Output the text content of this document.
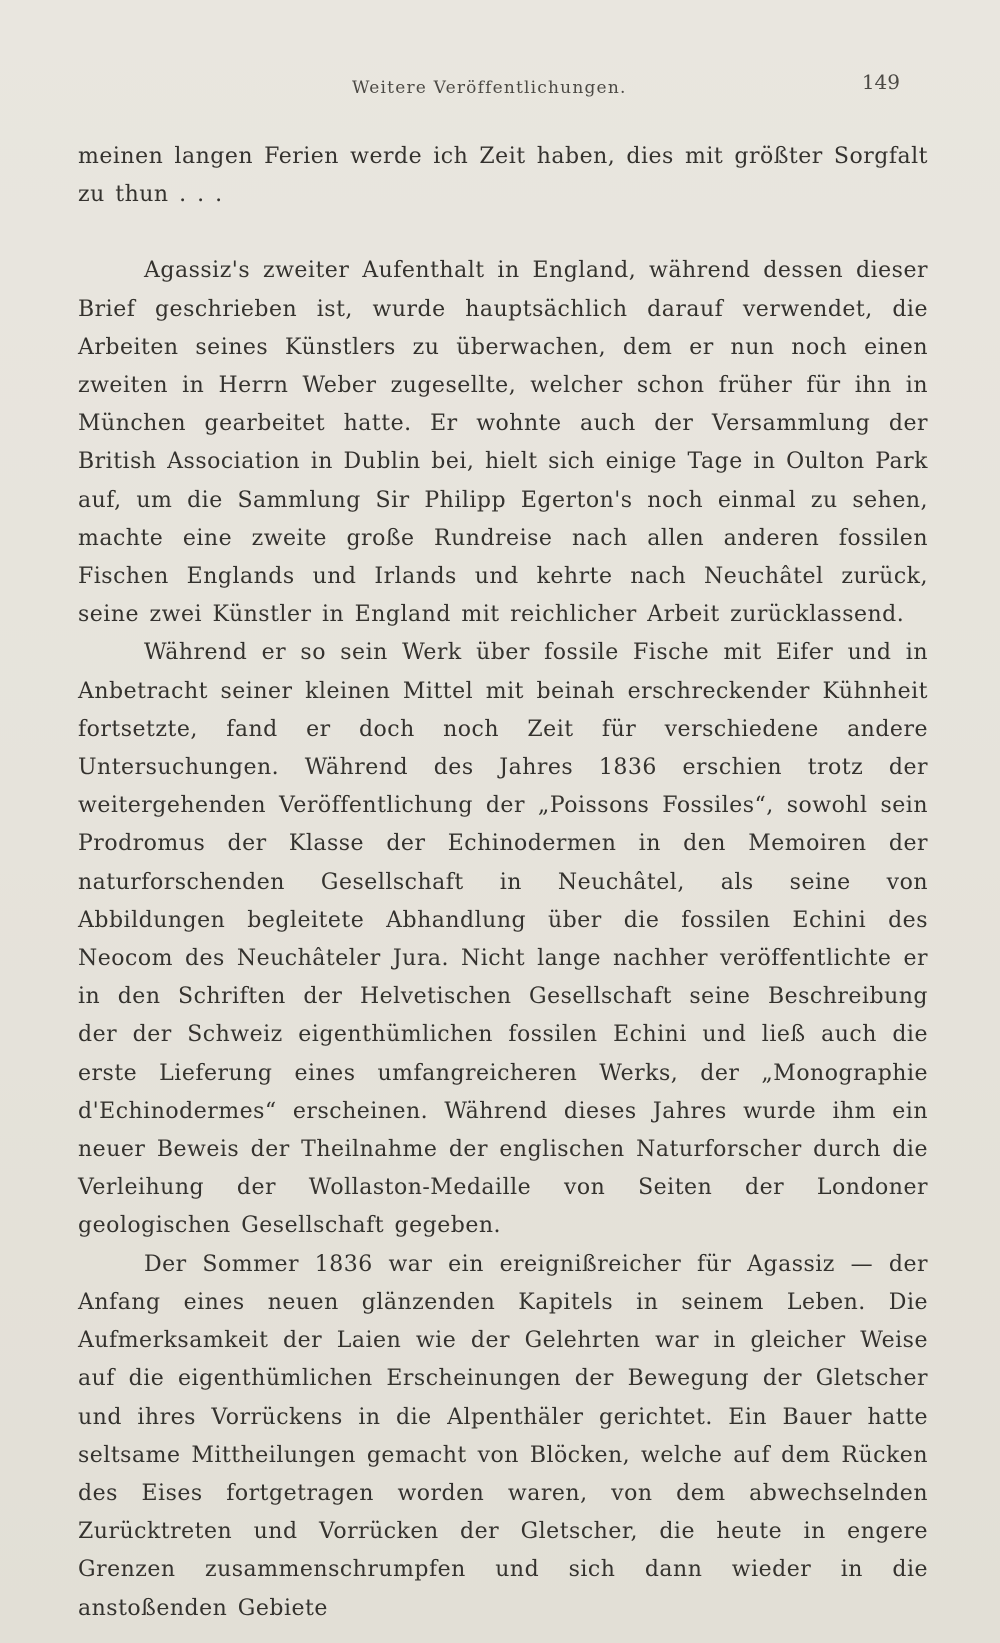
Weitere Veröffentlichungen.	149

meinen langen Ferien werde ich Zeit haben, dies mit größter Sorgfalt zu thun . . .

Agassiz's zweiter Aufenthalt in England, während dessen dieser Brief geschrieben ist, wurde hauptsächlich darauf verwendet, die Arbeiten seines Künstlers zu überwachen, dem er nun noch einen zweiten in Herrn Weber zugesellte, welcher schon früher für ihn in München gearbeitet hatte. Er wohnte auch der Versammlung der British Association in Dublin bei, hielt sich einige Tage in Oulton Park auf, um die Sammlung Sir Philipp Egerton's noch einmal zu sehen, machte eine zweite große Rundreise nach allen anderen fossilen Fischen Englands und Irlands und kehrte nach Neuchâtel zurück, seine zwei Künstler in England mit reichlicher Arbeit zurücklassend.

Während er so sein Werk über fossile Fische mit Eifer und in Anbetracht seiner kleinen Mittel mit beinah erschreckender Kühnheit fortsetzte, fand er doch noch Zeit für verschiedene andere Untersuchungen. Während des Jahres 1836 erschien trotz der weitergehenden Veröffentlichung der „Poissons Fossiles“, sowohl sein Prodromus der Klasse der Echinodermen in den Memoiren der naturforschenden Gesellschaft in Neuchâtel, als seine von Abbildungen begleitete Abhandlung über die fossilen Echini des Neocom des Neuchâteler Jura. Nicht lange nachher veröffentlichte er in den Schriften der Helvetischen Gesellschaft seine Beschreibung der der Schweiz eigenthümlichen fossilen Echini und ließ auch die erste Lieferung eines umfangreicheren Werks, der „Monographie d'Echinodermes“ erscheinen. Während dieses Jahres wurde ihm ein neuer Beweis der Theilnahme der englischen Naturforscher durch die Verleihung der Wollaston-Medaille von Seiten der Londoner geologischen Gesellschaft gegeben.

Der Sommer 1836 war ein ereignißreicher für Agassiz — der Anfang eines neuen glänzenden Kapitels in seinem Leben. Die Aufmerksamkeit der Laien wie der Gelehrten war in gleicher Weise auf die eigenthümlichen Erscheinungen der Bewegung der Gletscher und ihres Vorrückens in die Alpenthäler gerichtet. Ein Bauer hatte seltsame Mittheilungen gemacht von Blöcken, welche auf dem Rücken des Eises fortgetragen worden waren, von dem abwechselnden Zurücktreten und Vorrücken der Gletscher, die heute in engere Grenzen zusammenschrumpfen und sich dann wieder in die anstoßenden Gebiete
